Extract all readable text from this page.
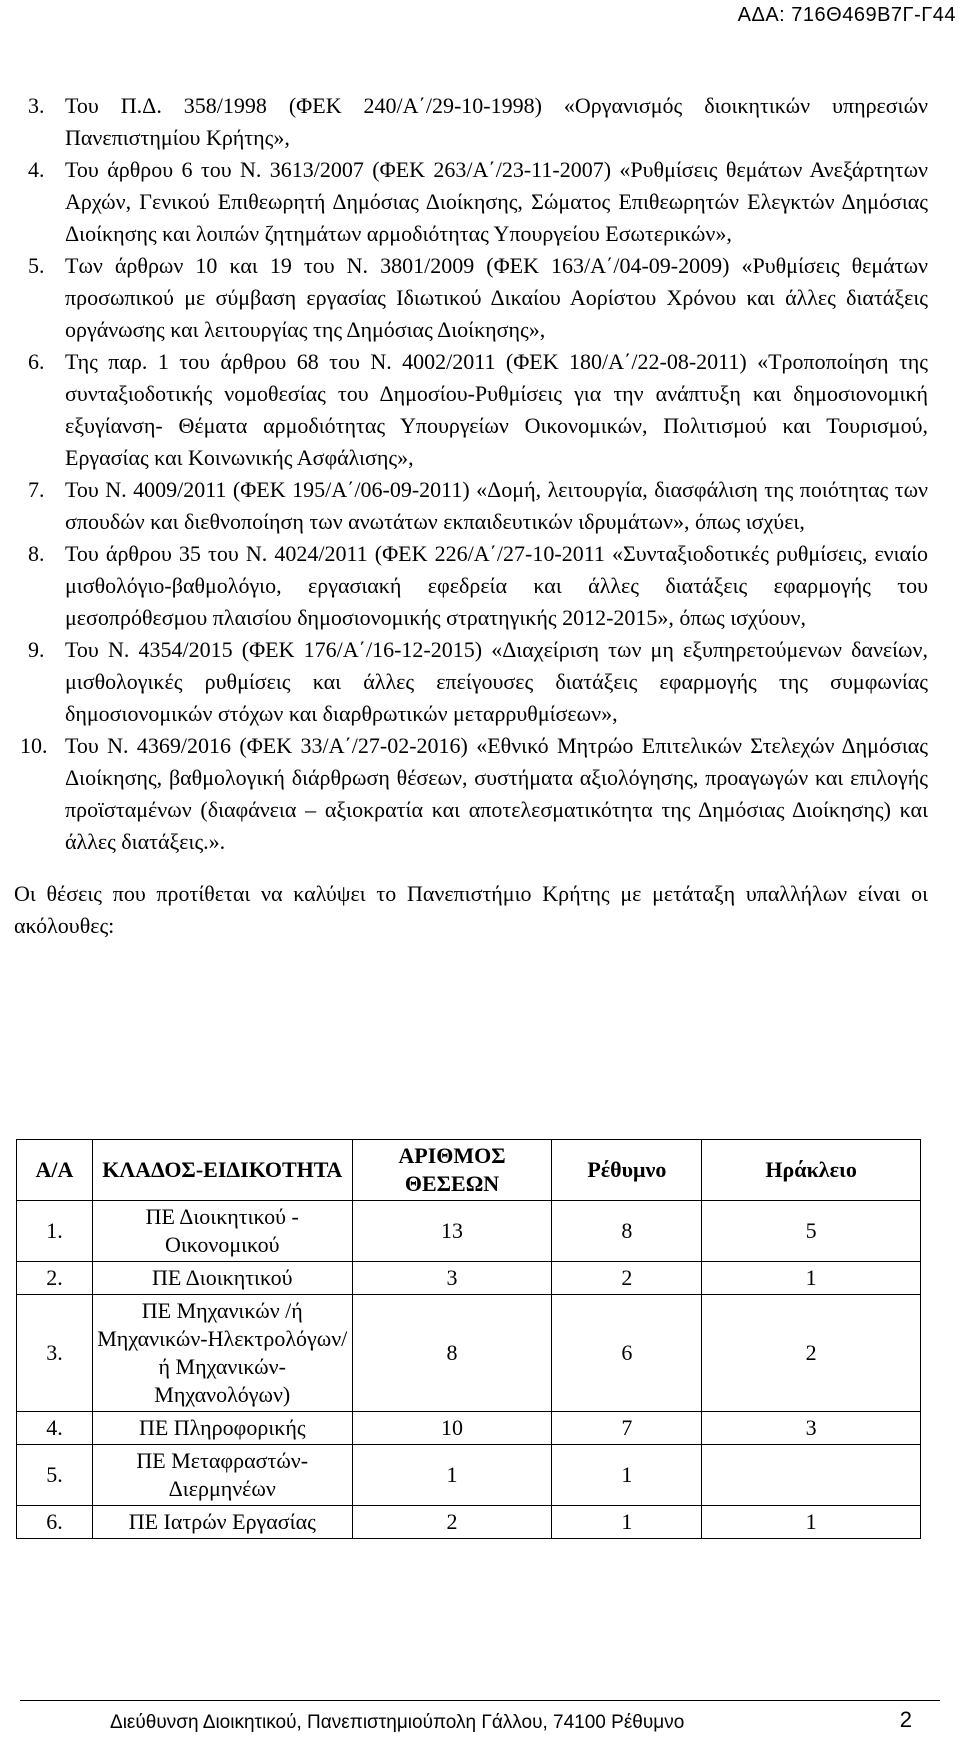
ΑΔΑ: 716Θ469Β7Γ-Γ44
3. Του Π.Δ. 358/1998 (ΦΕΚ 240/Α΄/29-10-1998) «Οργανισμός διοικητικών υπηρεσιών Πανεπιστημίου Κρήτης»,
4. Του άρθρου 6 του Ν. 3613/2007 (ΦΕΚ 263/Α΄/23-11-2007) «Ρυθμίσεις θεμάτων Ανεξάρτητων Αρχών, Γενικού Επιθεωρητή Δημόσιας Διοίκησης, Σώματος Επιθεωρητών Ελεγκτών Δημόσιας Διοίκησης και λοιπών ζητημάτων αρμοδιότητας Υπουργείου Εσωτερικών»,
5. Των άρθρων 10 και 19 του Ν. 3801/2009 (ΦΕΚ 163/Α΄/04-09-2009) «Ρυθμίσεις θεμάτων προσωπικού με σύμβαση εργασίας Ιδιωτικού Δικαίου Αορίστου Χρόνου και άλλες διατάξεις οργάνωσης και λειτουργίας της Δημόσιας Διοίκησης»,
6. Της παρ. 1 του άρθρου 68 του Ν. 4002/2011 (ΦΕΚ 180/Α΄/22-08-2011) «Τροποποίηση της συνταξιοδοτικής νομοθεσίας του Δημοσίου-Ρυθμίσεις για την ανάπτυξη και δημοσιονομική εξυγίανση- Θέματα αρμοδιότητας Υπουργείων Οικονομικών, Πολιτισμού και Τουρισμού, Εργασίας και Κοινωνικής Ασφάλισης»,
7. Του Ν. 4009/2011 (ΦΕΚ 195/Α΄/06-09-2011) «Δομή, λειτουργία, διασφάλιση της ποιότητας των σπουδών και διεθνοποίηση των ανωτάτων εκπαιδευτικών ιδρυμάτων», όπως ισχύει,
8. Του άρθρου 35 του Ν. 4024/2011 (ΦΕΚ 226/Α΄/27-10-2011 «Συνταξιοδοτικές ρυθμίσεις, ενιαίο μισθολόγιο-βαθμολόγιο, εργασιακή εφεδρεία και άλλες διατάξεις εφαρμογής του μεσοπρόθεσμου πλαισίου δημοσιονομικής στρατηγικής 2012-2015», όπως ισχύουν,
9. Του Ν. 4354/2015 (ΦΕΚ 176/Α΄/16-12-2015) «Διαχείριση των μη εξυπηρετούμενων δανείων, μισθολογικές ρυθμίσεις και άλλες επείγουσες διατάξεις εφαρμογής της συμφωνίας δημοσιονομικών στόχων και διαρθρωτικών μεταρρυθμίσεων»,
10. Του Ν. 4369/2016 (ΦΕΚ 33/Α΄/27-02-2016) «Εθνικό Μητρώο Επιτελικών Στελεχών Δημόσιας Διοίκησης, βαθμολογική διάρθρωση θέσεων, συστήματα αξιολόγησης, προαγωγών και επιλογής προϊσταμένων (διαφάνεια – αξιοκρατία και αποτελεσματικότητα της Δημόσιας Διοίκησης) και άλλες διατάξεις.».

Οι θέσεις που προτίθεται να καλύψει το Πανεπιστήμιο Κρήτης με μετάταξη υπαλλήλων είναι οι ακόλουθες:

Α/Α	ΚΛΑΔΟΣ-ΕΙΔΙΚΟΤΗΤΑ	ΑΡΙΘΜΟΣ ΘΕΣΕΩΝ	Ρέθυμνο	Ηράκλειο
1.	ΠΕ Διοικητικού - Οικονομικού	13	8	5
2.	ΠΕ Διοικητικού	3	2	1
3.	ΠΕ Μηχανικών /ή Μηχανικών-Ηλεκτρολόγων/ ή Μηχανικών-Μηχανολόγων)	8	6	2
4.	ΠΕ Πληροφορικής	10	7	3
5.	ΠΕ Μεταφραστών-Διερμηνέων	1	1	
6.	ΠΕ Ιατρών Εργασίας	2	1	1
Διεύθυνση Διοικητικού, Πανεπιστημιούπολη Γάλλου, 74100 Ρέθυμνο	2
